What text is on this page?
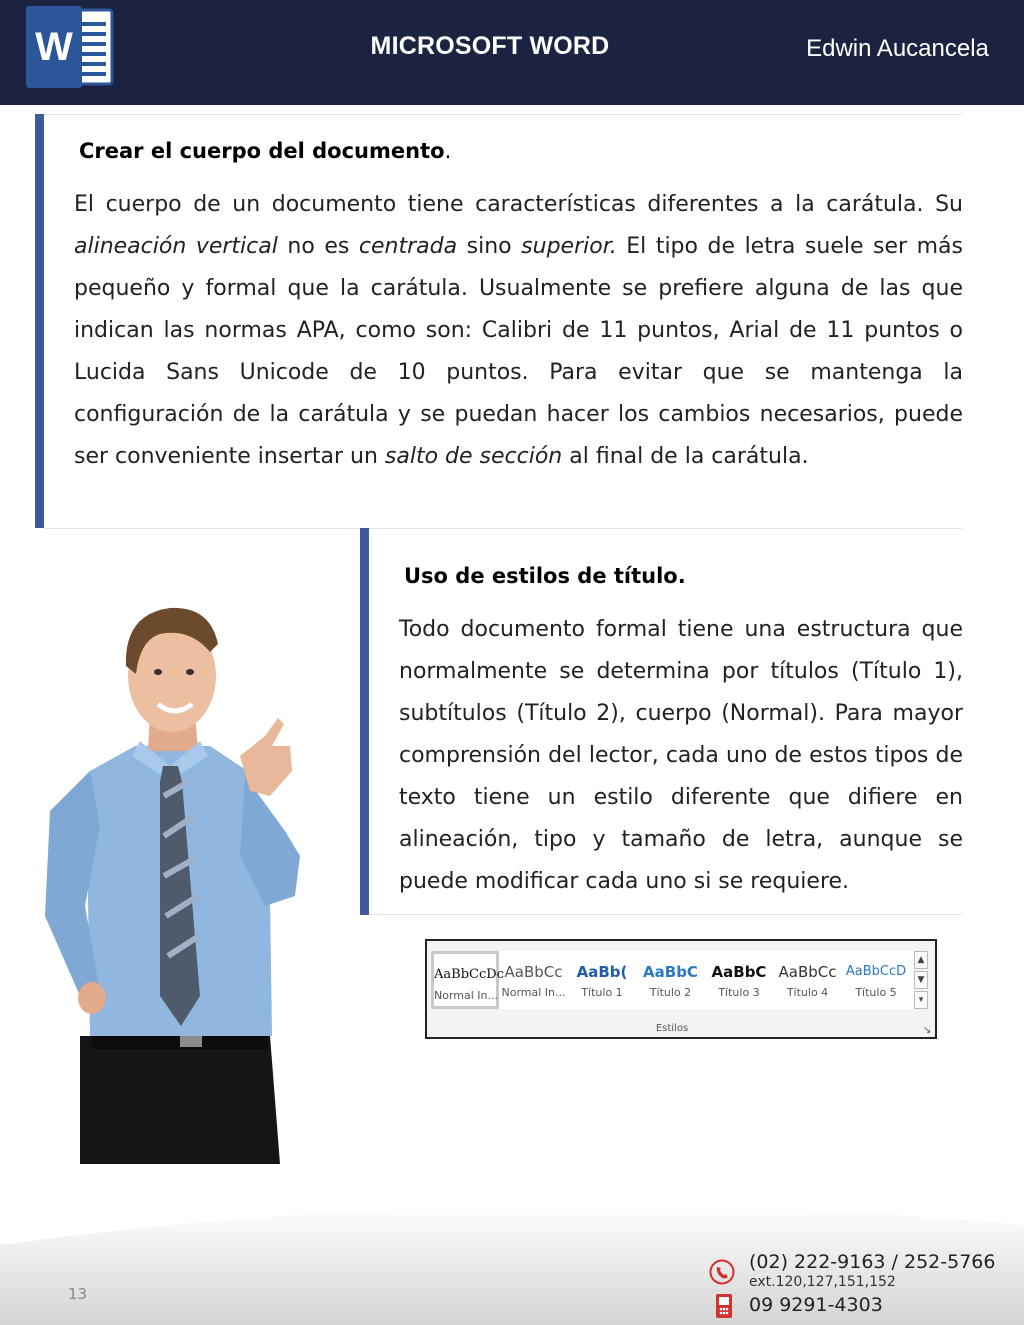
W	MICROSOFT WORD	Edwin Aucancela
Crear el cuerpo del documento.

El cuerpo de un documento tiene características diferentes a la carátula. Su alineación vertical no es centrada sino superior. El tipo de letra suele ser más pequeño y formal que la carátula. Usualmente se prefiere alguna de las que indican las normas APA, como son: Calibri de 11 puntos, Arial de 11 puntos o Lucida Sans Unicode de 10 puntos. Para evitar que se mantenga la configuración de la carátula y se puedan hacer los cambios necesarios, puede ser conveniente insertar un salto de sección al final de la carátula.

Uso de estilos de título.

Todo documento formal tiene una estructura que normalmente se determina por títulos (Título 1), subtítulos (Título 2), cuerpo (Normal). Para mayor comprensión del lector, cada uno de estos tipos de texto tiene un estilo diferente que difiere en alineación, tipo y tamaño de letra, aunque se puede modificar cada uno si se requiere.

AaBbCcDc
Normal In...
AaBbCc
Normal In...
AaBb(
Título 1
AaBbC
Título 2
AaBbC
Título 3
AaBbCc
Título 4
AaBbCcD
Título 5
▲
▼
▾
Estilos	↘
13
(02) 222-9163 / 252-5766
ext.120,127,151,152
09 9291-4303
